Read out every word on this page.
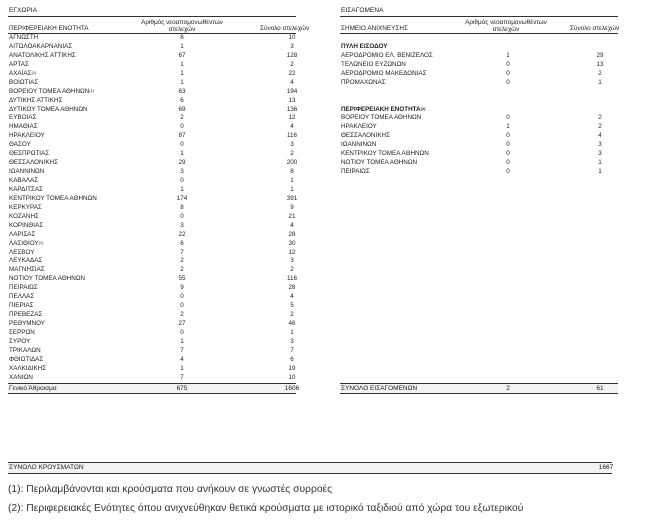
ΕΓΧΩΡΙΑ
ΠΕΡΙΦΕΡΕΙΑΚΗ ΕΝΟΤΗΤΑ
Αριθμός νεοαπομονωθέντων
στελεχών	Σύνολο στελεχών
ΑΓΝΩΣΤΗ	6	10
ΑΙΤΩΛΟΑΚΑΡΝΑΝΙΑΣ	1	3
ΑΝΑΤΟΛΙΚΗΣ ΑΤΤΙΚΗΣ	67	128
ΑΡΤΑΣ	1	2
ΑΧΑΪΑΣ$^{(1)}$	1	22
ΒΟΙΩΤΙΑΣ	1	4
ΒΟΡΕΙΟΥ ΤΟΜΕΑ ΑΘΗΝΩΝ$^{(1)}$	63	194
ΔΥΤΙΚΗΣ ΑΤΤΙΚΗΣ	6	13
ΔΥΤΙΚΟΥ ΤΟΜΕΑ ΑΘΗΝΩΝ	69	136
ΕΥΒΟΙΑΣ	2	12
ΗΜΑΘΙΑΣ	0	4
ΗΡΑΚΛΕΙΟΥ	87	116
ΘΑΣΟΥ	0	3
ΘΕΣΠΡΩΤΙΑΣ	1	2
ΘΕΣΣΑΛΟΝΙΚΗΣ	29	200
ΙΩΑΝΝΙΝΩΝ	3	8
ΚΑΒΑΛΑΣ	0	1
ΚΑΡΔΙΤΣΑΣ	1	1
ΚΕΝΤΡΙΚΟΥ ΤΟΜΕΑ ΑΘΗΝΩΝ	174	391
ΚΕΡΚΥΡΑΣ	8	9
ΚΟΖΑΝΗΣ	0	21
ΚΟΡΙΝΘΙΑΣ	3	4
ΛΑΡΙΣΑΣ	22	28
ΛΑΣΙΘΙΟΥ$^{(1)}$	6	30
ΛΕΣΒΟΥ	7	12
ΛΕΥΚΑΔΑΣ	2	3
ΜΑΓΝΗΣΙΑΣ	2	2
ΝΟΤΙΟΥ ΤΟΜΕΑ ΑΘΗΝΩΝ	55	116
ΠΕΙΡΑΙΩΣ	9	28
ΠΕΛΛΑΣ	0	4
ΠΙΕΡΙΑΣ	0	5
ΠΡΕΒΕΖΑΣ	2	2
ΡΕΘΥΜΝΟΥ	27	46
ΣΕΡΡΩΝ	0	1
ΣΥΡΟΥ	1	3
ΤΡΙΚΑΛΩΝ	7	7
ΦΘΙΩΤΙΔΑΣ	4	6
ΧΑΛΚΙΔΙΚΗΣ	1	19
ΧΑΝΙΩΝ	7	10
Γενικό Άθροισμα	675	1606
ΕΙΣΑΓΟΜΕΝΑ
ΣΗΜΕΙΟ ΑΝΙΧΝΕΥΣΗΣ
Αριθμός νεοαπομονωθέντων
στελεχών	Σύνολο στελεχών
ΠΥΛΗ ΕΙΣΟΔΟΥ
ΑΕΡΟΔΡΟΜΙΟ ΕΛ. ΒΕΝΙΖΕΛΟΣ	1	29
ΤΕΛΩΝΕΙΟ ΕΥΖΩΝΩΝ	0	13
ΑΕΡΟΔΡΟΜΙΟ ΜΑΚΕΔΟΝΙΑΣ	0	2
ΠΡΟΜΑΧΩΝΑΣ	0	1
ΠΕΡΙΦΕΡΕΙΑΚΗ ΕΝΟΤΗΤΑ$^{(2)}$
ΒΟΡΕΙΟΥ ΤΟΜΕΑ ΑΘΗΝΩΝ	0	2
ΗΡΑΚΛΕΙΟΥ	1	2
ΘΕΣΣΑΛΟΝΙΚΗΣ	0	4
ΙΩΑΝΝΙΝΩΝ	0	3
ΚΕΝΤΡΙΚΟΥ ΤΟΜΕΑ ΑΘΗΝΩΝ	0	3
ΝΟΤΙΟΥ ΤΟΜΕΑ ΑΘΗΝΩΝ	0	1
ΠΕΙΡΑΙΩΣ	0	1
ΣΥΝΟΛΟ ΕΙΣΑΓΟΜΕΝΩΝ	2	61
ΣΥΝΟΛΟ ΚΡΟΥΣΜΑΤΩΝ	1667
(1): Περιλαμβάνονται και κρούσματα που ανήκουν σε γνωστές συρροές
(2): Περιφερειακές Ενότητες όπου ανιχνεύθηκαν θετικά κρούσματα με ιστορικό ταξιδιού από χώρα του εξωτερικού
